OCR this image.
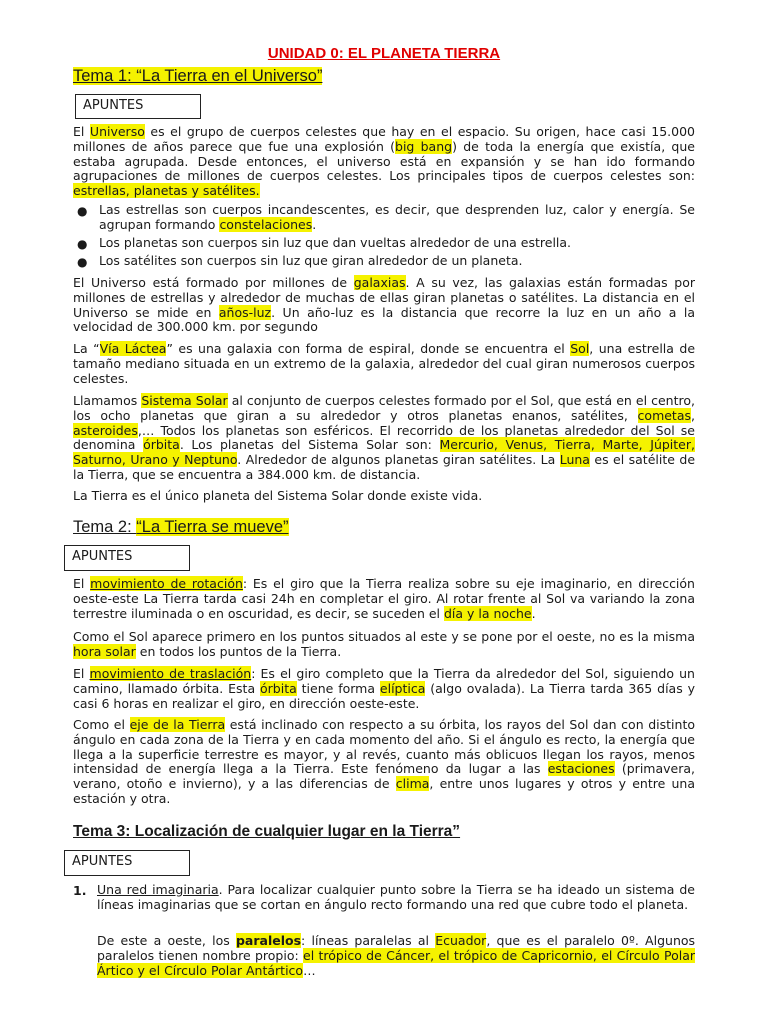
UNIDAD 0: EL PLANETA TIERRA
Tema 1: “La Tierra en el Universo”
APUNTES
El Universo es el grupo de cuerpos celestes que hay en el espacio. Su origen, hace casi 15.000 millones de años parece que fue una explosión (big bang) de toda la energía que existía, que estaba agrupada. Desde entonces, el universo está en expansión y se han ido formando agrupaciones de millones de cuerpos celestes. Los principales tipos de cuerpos celestes son: estrellas, planetas y satélites.
● Las estrellas son cuerpos incandescentes, es decir, que desprenden luz, calor y energía. Se agrupan formando constelaciones.
● Los planetas son cuerpos sin luz que dan vueltas alrededor de una estrella.
● Los satélites son cuerpos sin luz que giran alrededor de un planeta.
El Universo está formado por millones de galaxias. A su vez, las galaxias están formadas por millones de estrellas y alrededor de muchas de ellas giran planetas o satélites. La distancia en el Universo se mide en años-luz. Un año-luz es la distancia que recorre la luz en un año a la velocidad de 300.000 km. por segundo
La “Vía Láctea” es una galaxia con forma de espiral, donde se encuentra el Sol, una estrella de tamaño mediano situada en un extremo de la galaxia, alrededor del cual giran numerosos cuerpos celestes.
Llamamos Sistema Solar al conjunto de cuerpos celestes formado por el Sol, que está en el centro, los ocho planetas que giran a su alrededor y otros planetas enanos, satélites, cometas, asteroides,… Todos los planetas son esféricos. El recorrido de los planetas alrededor del Sol se denomina órbita. Los planetas del Sistema Solar son: Mercurio, Venus, Tierra, Marte, Júpiter, Saturno, Urano y Neptuno. Alrededor de algunos planetas giran satélites. La Luna es el satélite de la Tierra, que se encuentra a 384.000 km. de distancia.
La Tierra es el único planeta del Sistema Solar donde existe vida.
Tema 2: “La Tierra se mueve”
APUNTES
El movimiento de rotación: Es el giro que la Tierra realiza sobre su eje imaginario, en dirección oeste-este La Tierra tarda casi 24h en completar el giro. Al rotar frente al Sol va variando la zona terrestre iluminada o en oscuridad, es decir, se suceden el día y la noche.
Como el Sol aparece primero en los puntos situados al este y se pone por el oeste, no es la misma hora solar en todos los puntos de la Tierra.
El movimiento de traslación: Es el giro completo que la Tierra da alrededor del Sol, siguiendo un camino, llamado órbita. Esta órbita tiene forma elíptica (algo ovalada). La Tierra tarda 365 días y casi 6 horas en realizar el giro, en dirección oeste-este.
Como el eje de la Tierra está inclinado con respecto a su órbita, los rayos del Sol dan con distinto ángulo en cada zona de la Tierra y en cada momento del año. Si el ángulo es recto, la energía que llega a la superficie terrestre es mayor, y al revés, cuanto más oblicuos llegan los rayos, menos intensidad de energía llega a la Tierra. Este fenómeno da lugar a las estaciones (primavera, verano, otoño e invierno), y a las diferencias de clima, entre unos lugares y otros y entre una estación y otra.
Tema 3: Localización de cualquier lugar en la Tierra”
APUNTES
1. Una red imaginaria. Para localizar cualquier punto sobre la Tierra se ha ideado un sistema de líneas imaginarias que se cortan en ángulo recto formando una red que cubre todo el planeta.
De este a oeste, los paralelos: líneas paralelas al Ecuador, que es el paralelo 0º. Algunos paralelos tienen nombre propio: el trópico de Cáncer, el trópico de Capricornio, el Círculo Polar Ártico y el Círculo Polar Antártico…
